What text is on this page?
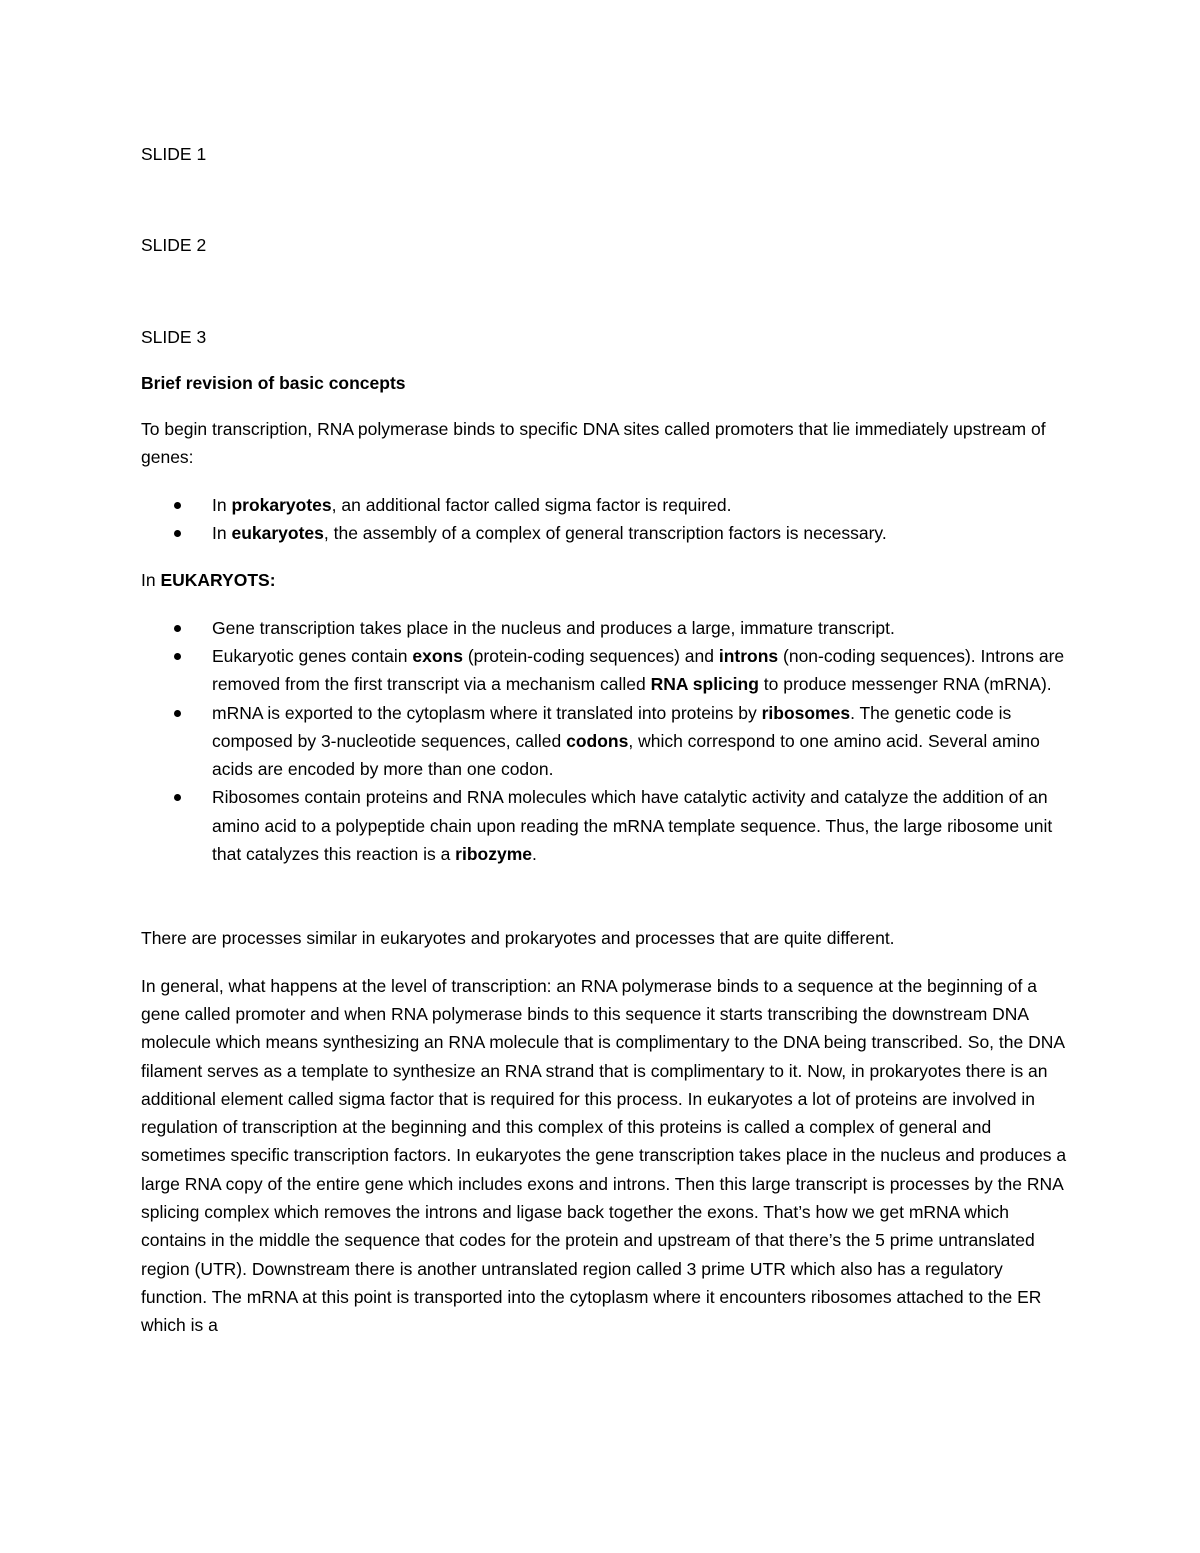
SLIDE 1

SLIDE 2

SLIDE 3

Brief revision of basic concepts

To begin transcription, RNA polymerase binds to specific DNA sites called promoters that lie immediately upstream of genes:

In prokaryotes, an additional factor called sigma factor is required.
In eukaryotes, the assembly of a complex of general transcription factors is necessary.

In EUKARYOTS:

Gene transcription takes place in the nucleus and produces a large, immature transcript.
Eukaryotic genes contain exons (protein-coding sequences) and introns (non-coding sequences). Introns are removed from the first transcript via a mechanism called RNA splicing to produce messenger RNA (mRNA).
mRNA is exported to the cytoplasm where it translated into proteins by ribosomes. The genetic code is composed by 3-nucleotide sequences, called codons, which correspond to one amino acid. Several amino acids are encoded by more than one codon.
Ribosomes contain proteins and RNA molecules which have catalytic activity and catalyze the addition of an amino acid to a polypeptide chain upon reading the mRNA template sequence. Thus, the large ribosome unit that catalyzes this reaction is a ribozyme.

There are processes similar in eukaryotes and prokaryotes and processes that are quite different.

In general, what happens at the level of transcription: an RNA polymerase binds to a sequence at the beginning of a gene called promoter and when RNA polymerase binds to this sequence it starts transcribing the downstream DNA molecule which means synthesizing an RNA molecule that is complimentary to the DNA being transcribed. So, the DNA filament serves as a template to synthesize an RNA strand that is complimentary to it. Now, in prokaryotes there is an additional element called sigma factor that is required for this process. In eukaryotes a lot of proteins are involved in regulation of transcription at the beginning and this complex of this proteins is called a complex of general and sometimes specific transcription factors. In eukaryotes the gene transcription takes place in the nucleus and produces a large RNA copy of the entire gene which includes exons and introns. Then this large transcript is processes by the RNA splicing complex which removes the introns and ligase back together the exons. That’s how we get mRNA which contains in the middle the sequence that codes for the protein and upstream of that there’s the 5 prime untranslated region (UTR). Downstream there is another untranslated region called 3 prime UTR which also has a regulatory function. The mRNA at this point is transported into the cytoplasm where it encounters ribosomes attached to the ER which is a
